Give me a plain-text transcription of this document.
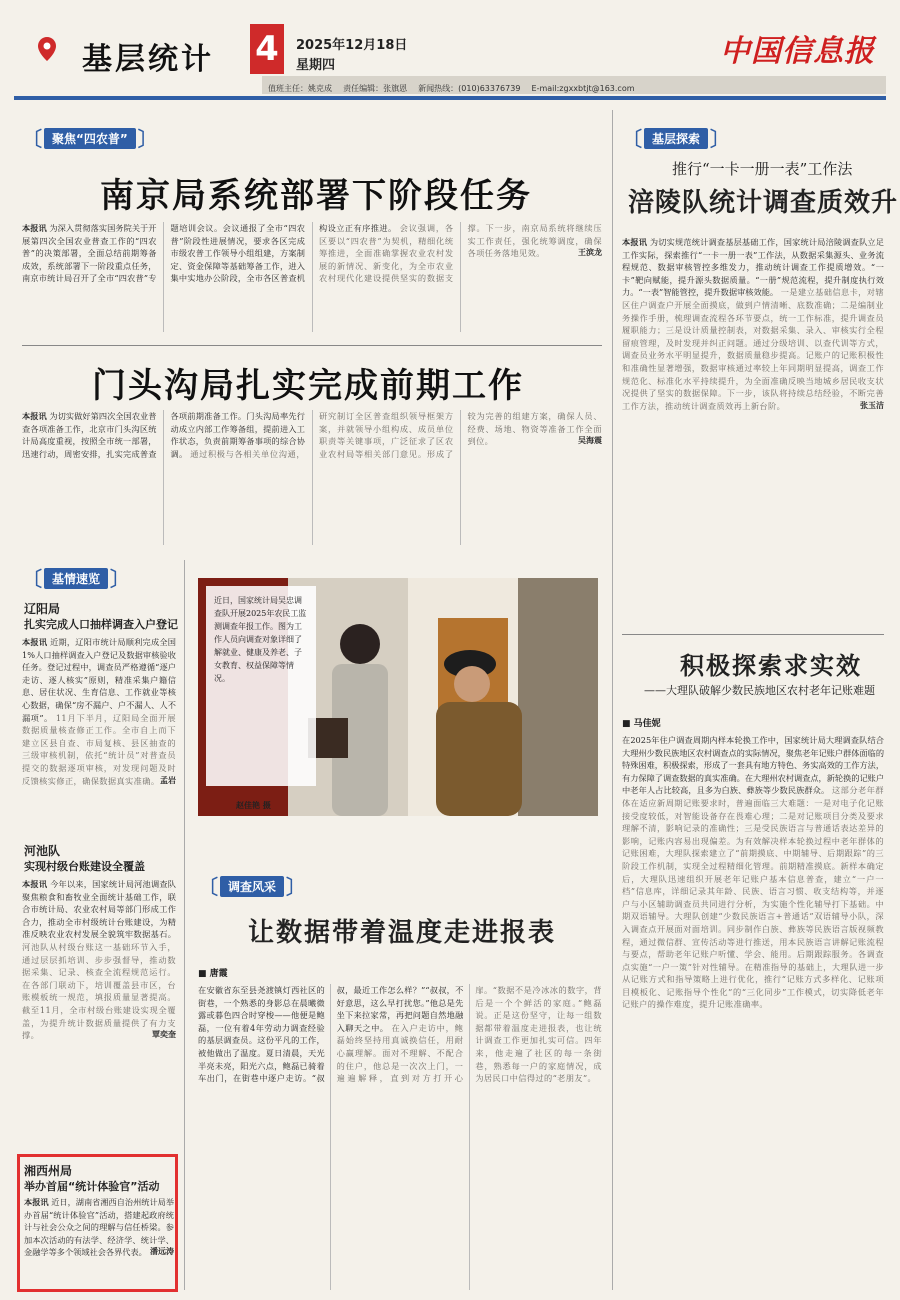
基层统计 4	2025年12月18日
星期四	中国信息报
值班主任：姚克成 责任编辑：张旗恩 新闻热线：(010)63376739 E-mail:zgxxbtjt@163.com
〔 聚焦“四农普” 〕
南京局系统部署下阶段任务
本报讯 为深入贯彻落实国务院关于开展第四次全国农业普查工作的“四农普”的决策部署，全面总结前期筹备成效，系统部署下一阶段重点任务，南京市统计局召开了全市“四农普”专题培训会议。会议通报了全市“四农普”阶段性进展情况，要求各区完成市级农普工作领导小组组建，方案制定、资金保障等基础筹备工作，进入集中实地办公阶段，全市各区普查机构设立正有序推进。 会议强调，各区要以“四农普”为契机，精细化统筹推进，全面准确掌握农业农村发展的新情况、新变化，为全市农业农村现代化建设提供坚实的数据支撑。下一步，南京局系统将继续压实工作责任，强化统筹调度，确保各项任务落地见效。	王滨龙
门头沟局扎实完成前期工作
本报讯 为切实做好第四次全国农业普查各项准备工作，北京市门头沟区统计局高度重视，按照全市统一部署，迅速行动，周密安排，扎实完成普查各项前期准备工作。门头沟局率先行动成立内部工作筹备组，提前进入工作状态，负责前期筹备事项的综合协调。 通过积极与各相关单位沟通，研究制订全区普查组织领导框架方案，并就领导小组构成、成员单位职责等关键事项，广泛征求了区农业农村局等相关部门意见。形成了较为完善的组建方案，确保人员、经费、场地、物资等准备工作全面到位。	吴海震
〔 基层探索 〕
推行“一卡一册一表”工作法
涪陵队统计调查质效升
本报讯 为切实规范统计调查基层基础工作，国家统计局涪陵调查队立足工作实际，探索推行“一卡一册一表”工作法，从数据采集源头、业务流程规范、数据审核管控多维发力，推动统计调查工作提质增效。“一卡”靶向赋能，提升源头数据质量。“一册”规范流程，提升制度执行效力。“一表”智能管控，提升数据审核效能。 一是建立基础信息卡，对辖区住户调查户开展全面摸底，做到户情清晰、底数准确；二是编制业务操作手册，梳理调查流程各环节要点，统一工作标准，提升调查员履职能力；三是设计质量控制表，对数据采集、录入、审核实行全程留痕管理，及时发现并纠正问题。通过分级培训、以查代训等方式，调查员业务水平明显提升，数据质量稳步提高。记账户的记账积极性和准确性显著增强，数据审核通过率较上年同期明显提高，调查工作规范化、标准化水平持续提升，为全面准确反映当地城乡居民收支状况提供了坚实的数据保障。下一步，该队将持续总结经验，不断完善工作方法，推动统计调查质效再上新台阶。	张玉洁
积极探索求实效
——大理队破解少数民族地区农村老年记账难题
■ 马佳妮
在2025年住户调查周期内样本轮换工作中，国家统计局大理调查队结合大理州少数民族地区农村调查点的实际情况，聚焦老年记账户群体面临的特殊困难，积极探索，形成了一套具有地方特色、务实高效的工作方法，有力保障了调查数据的真实准确。在大理州农村调查点，新轮换的记账户中老年人占比较高，且多为白族、彝族等少数民族群众。 这部分老年群体在适应新周期记账要求时，普遍面临三大难题：一是对电子化记账接受度较低，对智能设备存在畏难心理；二是对记账项目分类及要求理解不清，影响记录的准确性；三是受民族语言与普通话表达差异的影响，记账内容易出现偏差。为有效解决样本轮换过程中老年群体的记账困难，大理队探索建立了“前期摸底、中期辅导、后期跟踪”的三阶段工作机制，实现全过程精细化管理。前期精准摸底。新样本确定后，大理队迅速组织开展老年记账户基本信息普查，建立“一户一档”信息库，详细记录其年龄、民族、语言习惯、收支结构等，并逐户与小区辅助调查员共同进行分析，为实施个性化辅导打下基础。中期双语辅导。大理队创建“少数民族语言+普通话”双语辅导小队，深入调查点开展面对面培训。同步制作白族、彝族等民族语言版视频教程，通过微信群、宣传活动等进行推送，用本民族语言讲解记账流程与要点，帮助老年记账户听懂、学会、能用。后期跟踪服务。各调查点实施“一户一策”针对性辅导。在精准指导的基础上，大理队进一步从记账方式和指导策略上进行优化，推行“记账方式多样化、记账项目模板化、记账指导个性化”的“三化同步”工作模式，切实降低老年记账户的操作难度，提升记账准确率。
〔 基情速览 〕
辽阳局
扎实完成人口抽样调查入户登记
本报讯 近期，辽阳市统计局顺利完成全国1%人口抽样调查入户登记及数据审核验收任务。登记过程中，调查员严格遵循“逐户走访、逐人核实”原则，精准采集户籍信息、居住状况、生育信息、工作就业等核心数据，确保“房不漏户、户不漏人、人不漏项”。 11月下半月，辽阳局全面开展数据质量核查修正工作。全市自上而下建立区县自查、市局复核、县区抽查的三级审核机制，依托“统计员”对普查员提交的数据逐项审核，对发现问题及时反馈核实修正，确保数据真实准确。 孟岩
河池队
实现村级台账建设全覆盖
本报讯 今年以来，国家统计局河池调查队聚焦粮食和畜牧业全面统计基础工作，联合市统计局、农业农村局等部门形成工作合力，推动全市村级统计台账建设，为精准反映农业农村发展全貌筑牢数据基石。 河池队从村级台账这一基础环节入手，通过层层抓培训、步步强督导，推动数据采集、记录、核查全流程规范运行。在各部门联动下，培训覆盖县市区，台账模板统一规范，填报质量显著提高。截至11月，全市村级台账建设实现全覆盖，为提升统计数据质量提供了有力支撑。	覃奕奎
湘西州局
举办首届“统计体验官”活动
本报讯 近日，湖南省湘西自治州统计局举办首届“统计体验官”活动，搭建起政府统计与社会公众之间的理解与信任桥梁。参加本次活动的有法学、经济学、统计学、金融学等多个领域社会各界代表。 潘远涛
近日，国家统计局吴忠调查队开展2025年农民工监测调查年报工作。图为工作人员向调查对象详细了解就业、健康及养老、子女教育、权益保障等情况。
赵佳艳 摄
〔 调查风采 〕
让数据带着温度走进报表
■ 唐霞
在安徽省东至县尧渡镇灯西社区的街巷，一个熟悉的身影总在晨曦微露或暮色四合时穿梭——他便是鲍磊，一位有着4年劳动力调查经验的基层调查员。这份平凡的工作，被他做出了温度。夏日清晨，天光半亮未亮，阳光六点，鲍磊已骑着车出门，在街巷中逐户走访。“叔叔，最近工作怎么样？”“叔叔，不好意思，这么早打扰您。”他总是先坐下来拉家常，再把问题自然地融入聊天之中。 在入户走访中，鲍磊始终坚持用真诚换信任，用耐心赢理解。面对不理解、不配合的住户，他总是一次次上门，一遍遍解释，直到对方打开心扉。“数据不是冷冰冰的数字，背后是一个个鲜活的家庭。”鲍磊说。正是这份坚守，让每一组数据都带着温度走进报表，也让统计调查工作更加扎实可信。四年来，他走遍了社区的每一条街巷，熟悉每一户的家庭情况，成为居民口中信得过的“老朋友”。
